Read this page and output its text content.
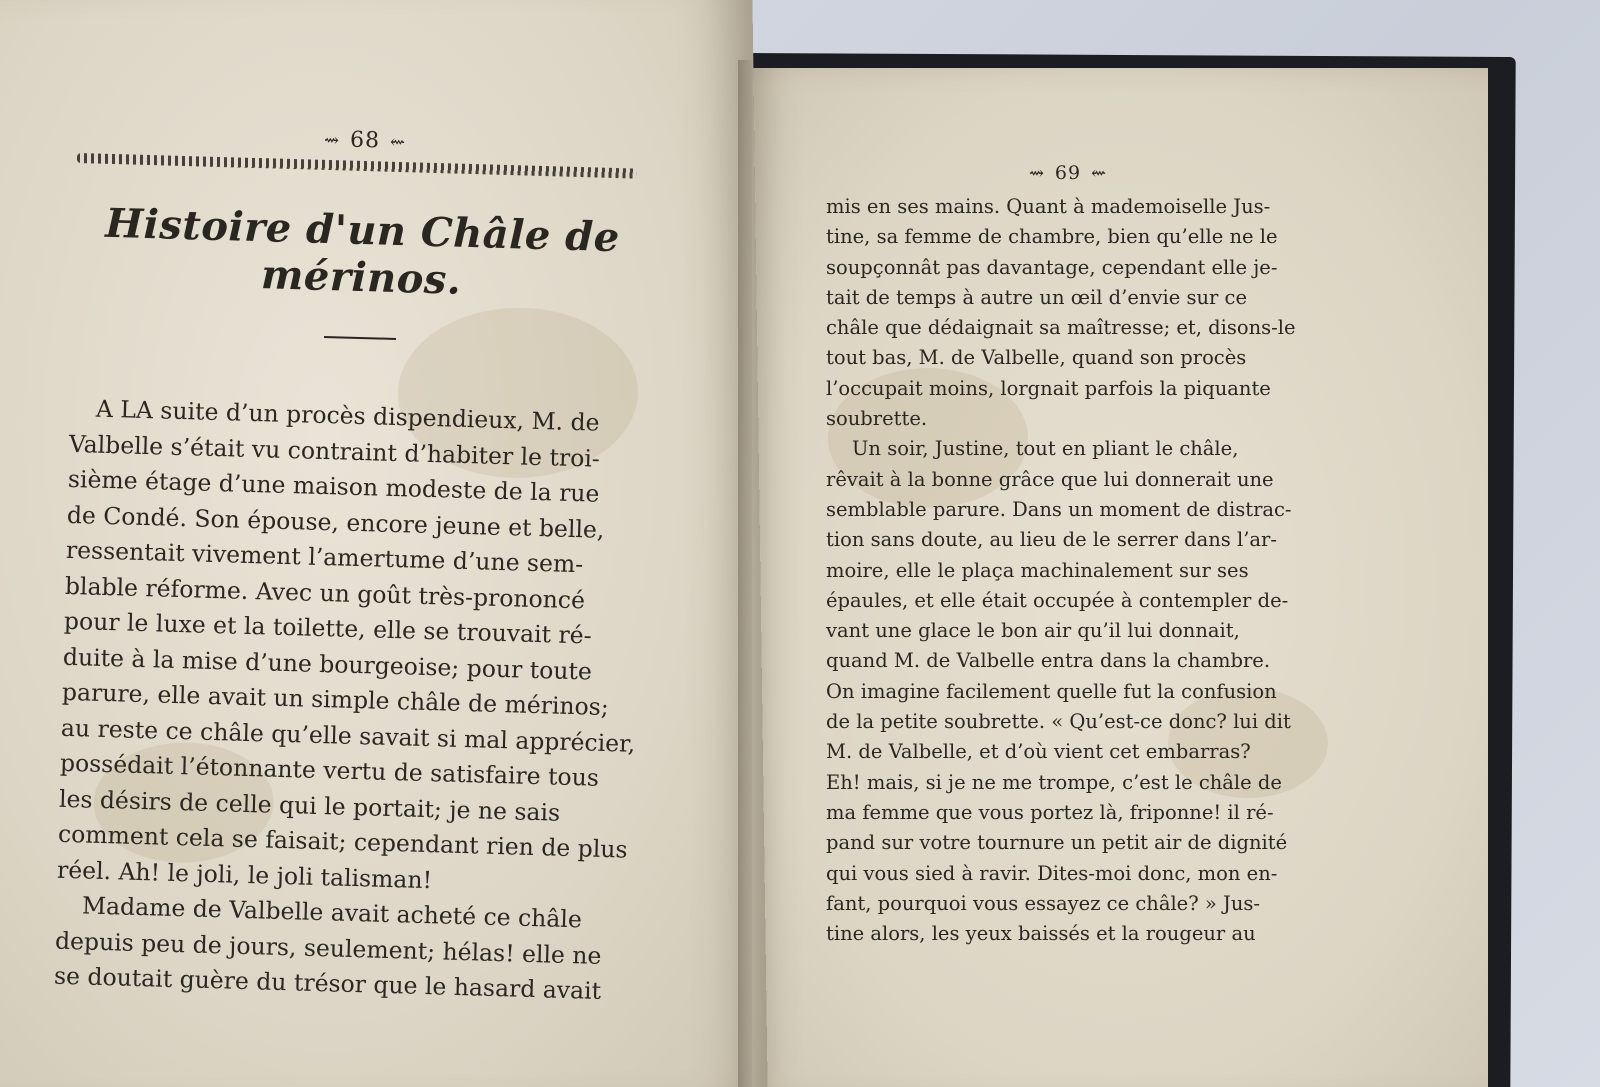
⇝ 68 ⇜
Histoire d'un Châle de mérinos.
A LA suite d’un procès dispendieux, M. de
Valbelle s’était vu contraint d’habiter le troi-
sième étage d’une maison modeste de la rue
de Condé. Son épouse, encore jeune et belle,
ressentait vivement l’amertume d’une sem-
blable réforme. Avec un goût très-prononcé
pour le luxe et la toilette, elle se trouvait ré-
duite à la mise d’une bourgeoise; pour toute
parure, elle avait un simple châle de mérinos;
au reste ce châle qu’elle savait si mal apprécier,
possédait l’étonnante vertu de satisfaire tous
les désirs de celle qui le portait; je ne sais
comment cela se faisait; cependant rien de plus
réel. Ah! le joli, le joli talisman!
Madame de Valbelle avait acheté ce châle
depuis peu de jours, seulement; hélas! elle ne
se doutait guère du trésor que le hasard avait
⇝ 69 ⇜
mis en ses mains. Quant à mademoiselle Jus-
tine, sa femme de chambre, bien qu’elle ne le
soupçonnât pas davantage, cependant elle je-
tait de temps à autre un œil d’envie sur ce
châle que dédaignait sa maîtresse; et, disons-le
tout bas, M. de Valbelle, quand son procès
l’occupait moins, lorgnait parfois la piquante
soubrette.
Un soir, Justine, tout en pliant le châle,
rêvait à la bonne grâce que lui donnerait une
semblable parure. Dans un moment de distrac-
tion sans doute, au lieu de le serrer dans l’ar-
moire, elle le plaça machinalement sur ses
épaules, et elle était occupée à contempler de-
vant une glace le bon air qu’il lui donnait,
quand M. de Valbelle entra dans la chambre.
On imagine facilement quelle fut la confusion
de la petite soubrette. « Qu’est-ce donc? lui dit
M. de Valbelle, et d’où vient cet embarras?
Eh! mais, si je ne me trompe, c’est le châle de
ma femme que vous portez là, friponne! il ré-
pand sur votre tournure un petit air de dignité
qui vous sied à ravir. Dites-moi donc, mon en-
fant, pourquoi vous essayez ce châle? » Jus-
tine alors, les yeux baissés et la rougeur au
